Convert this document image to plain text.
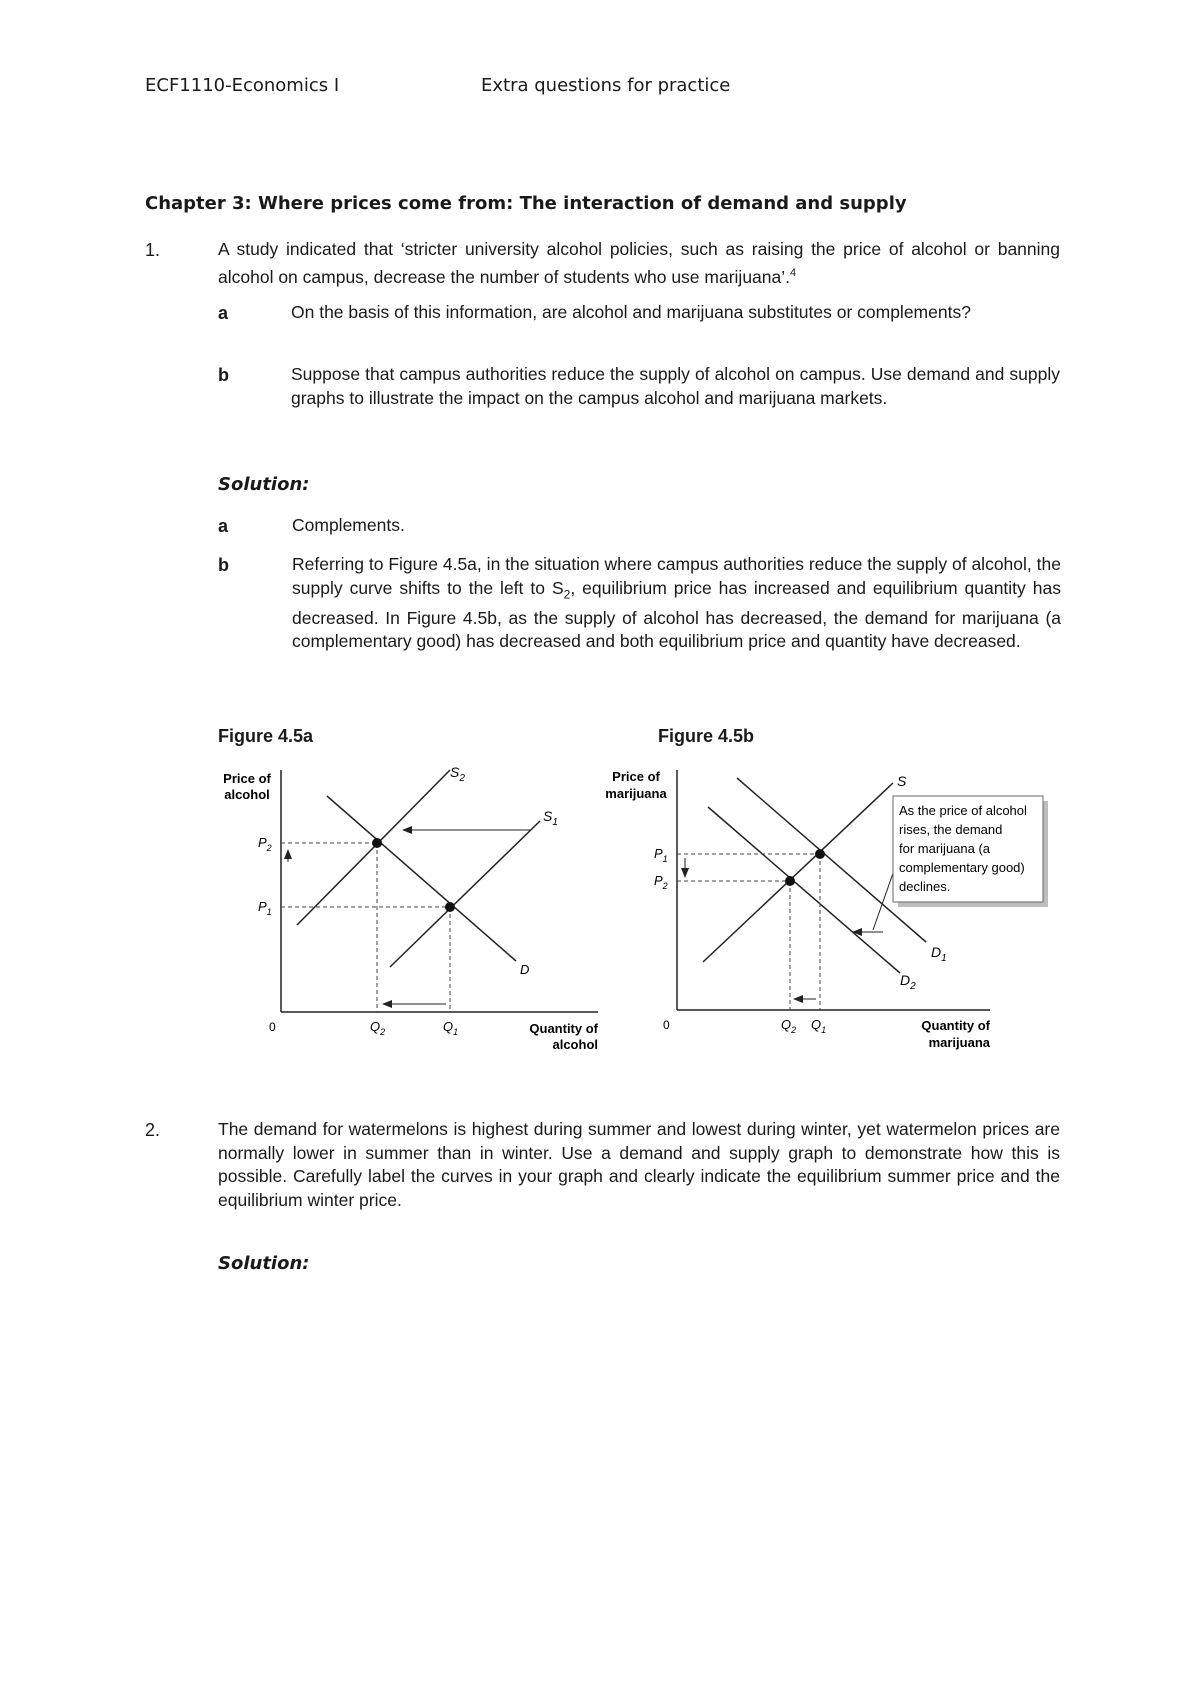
ECF1110-Economics I	Extra questions for practice
Chapter 3: Where prices come from: The interaction of demand and supply
1.	A study indicated that ‘stricter university alcohol policies, such as raising the price of alcohol or banning alcohol on campus, decrease the number of students who use marijuana’.$^4$

a	On the basis of this information, are alcohol and marijuana substitutes or complements?

b	Suppose that campus authorities reduce the supply of alcohol on campus. Use demand and supply graphs to illustrate the impact on the campus alcohol and marijuana markets.

Solution:
a	Complements.

b	Referring to Figure 4.5a, in the situation where campus authorities reduce the supply of alcohol, the supply curve shifts to the left to $S_2$, equilibrium price has increased and equilibrium quantity has decreased. In Figure 4.5b, as the supply of alcohol has decreased, the demand for marijuana (a complementary good) has decreased and both equilibrium price and quantity have decreased.

Figure 4.5a	Figure 4.5b
Price of
alcohol
Quantity of
alcohol
0
$S_2$
$S_1$
D
$P_2$
$P_1$
$Q_2$	$Q_1$
As the price of alcohol
rises, the demand
for marijuana (a
complementary good)
declines.
Price of
marijuana
Quantity of
marijuana
0
S
$D_1$
$D_2$
$P_1$
$P_2$
$Q_2$ $Q_1$
2.	The demand for watermelons is highest during summer and lowest during winter, yet watermelon prices are normally lower in summer than in winter. Use a demand and supply graph to demonstrate how this is possible. Carefully label the curves in your graph and clearly indicate the equilibrium summer price and the equilibrium winter price.

Solution:
